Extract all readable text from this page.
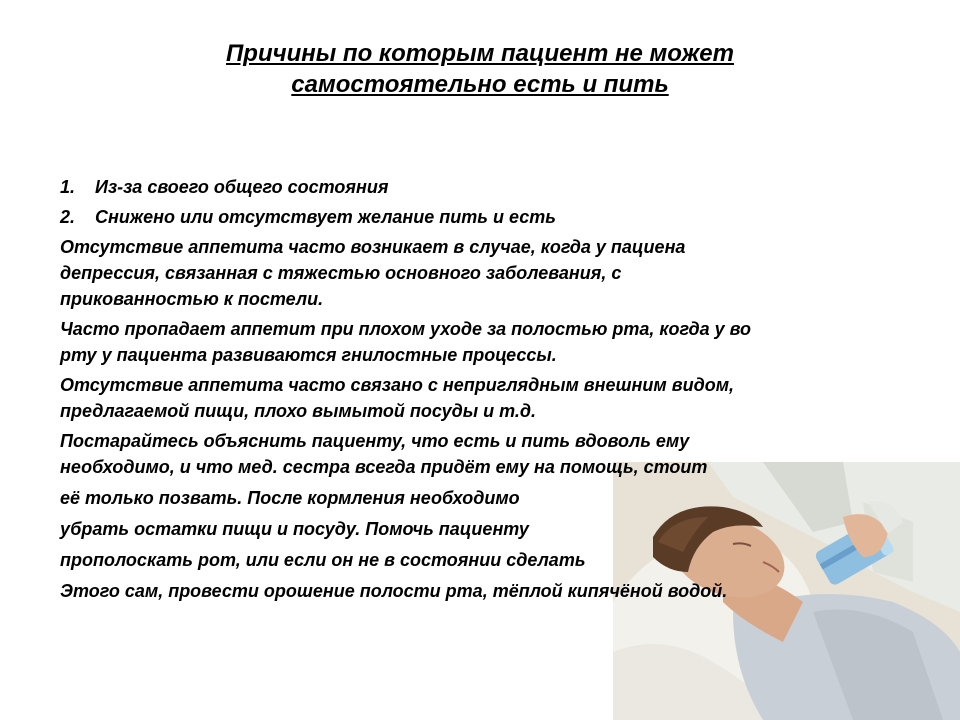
Причины по которым пациент не может
самостоятельно есть и пить
1.	Из-за своего общего состояния
2.	Снижено или отсутствует желание пить и есть
Отсутствие аппетита часто возникает в случае, когда у пациена
депрессия, связанная с тяжестью основного заболевания, с
прикованностью к постели.
Часто пропадает аппетит при плохом уходе за полостью рта, когда у во
рту у пациента развиваются гнилостные процессы.
Отсутствие аппетита часто связано с неприглядным внешним видом,
предлагаемой пищи, плохо вымытой посуды и т.д.
Постарайтесь объяснить пациенту, что есть и пить вдоволь ему
необходимо, и что мед. сестра всегда придёт ему на помощь, стоит
её только позвать. После кормления необходимо
убрать остатки пищи и посуду. Помочь пациенту
прополоскать рот, или если он не в состоянии сделать
Этого сам, провести орошение полости рта, тёплой кипячёной водой.
